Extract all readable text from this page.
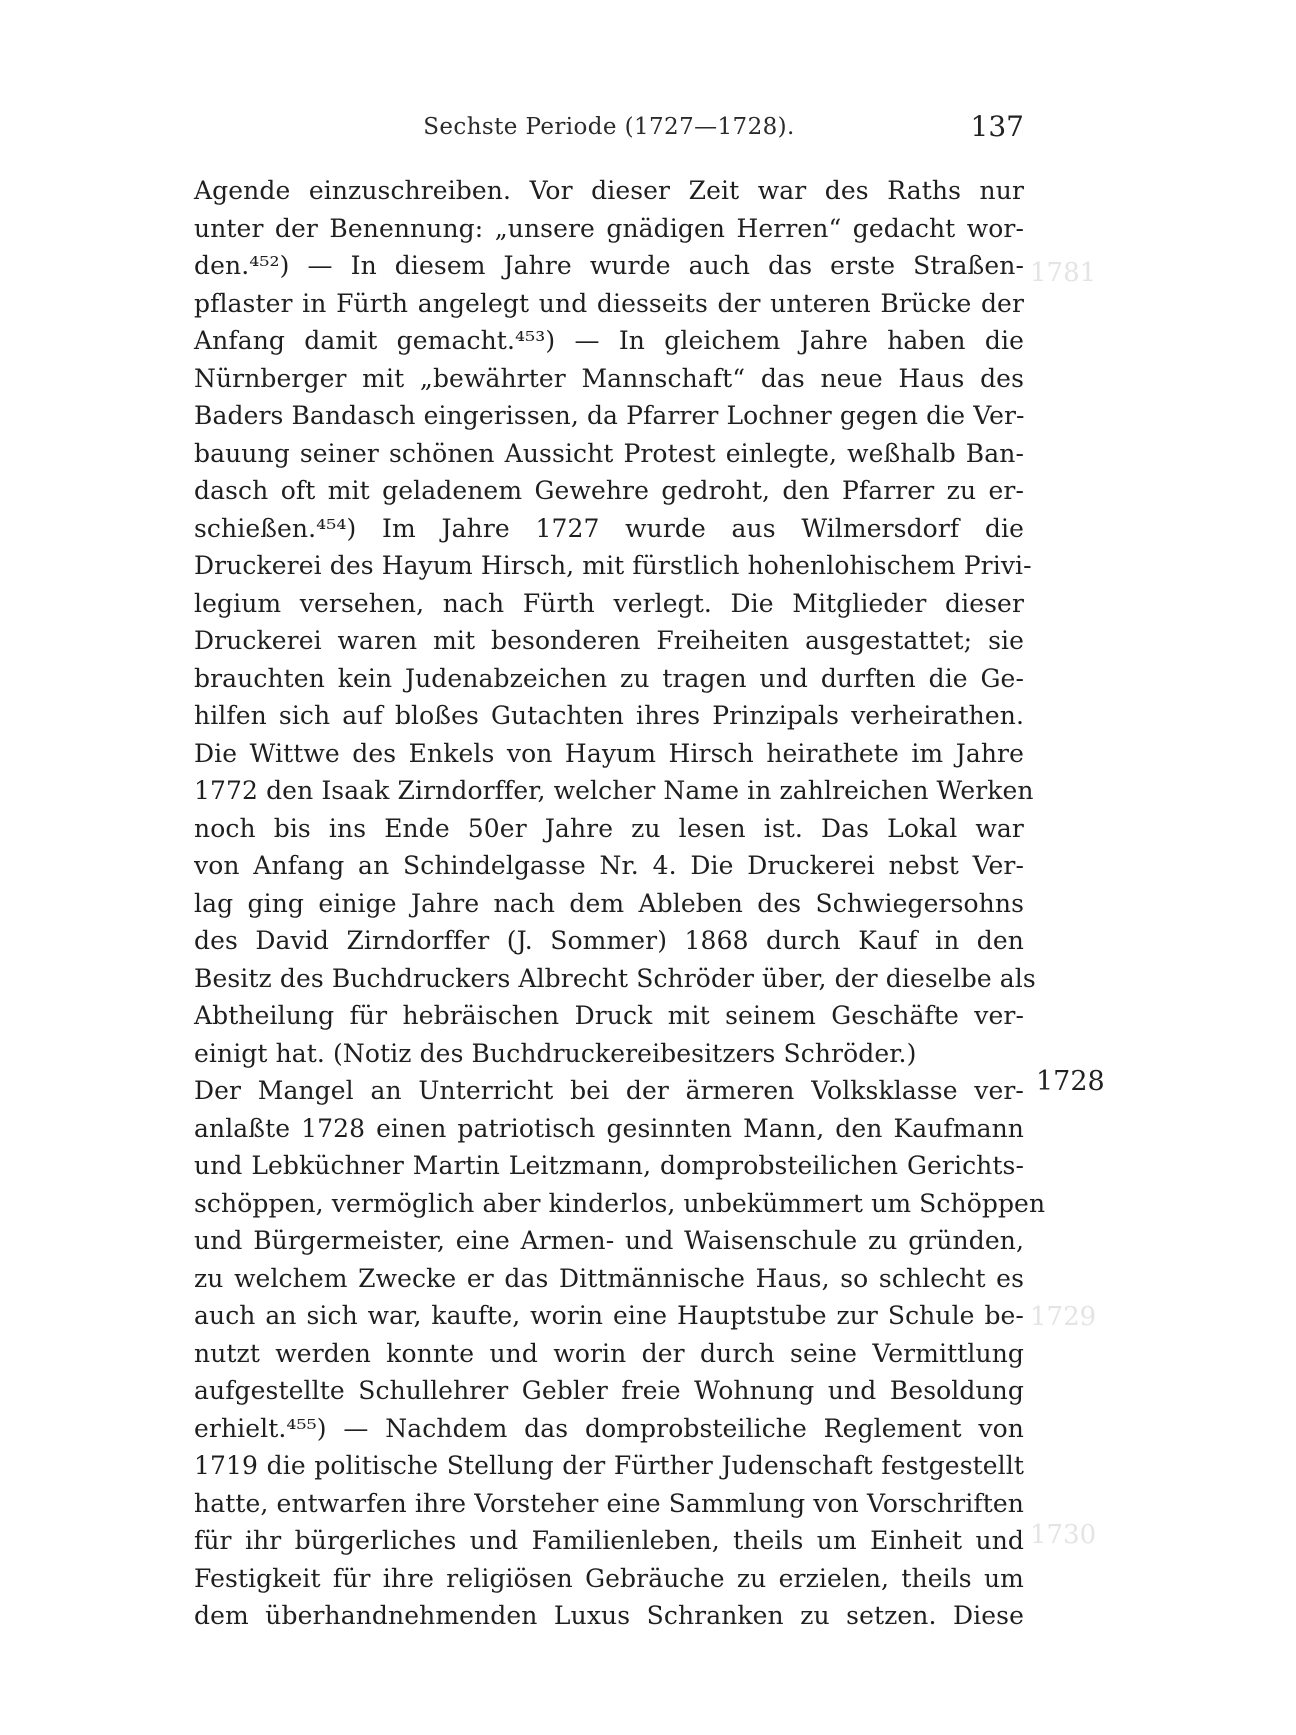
1781
1729
1730
Sechste Periode (1727—1728).	137
Agende einzuschreiben. Vor dieser Zeit war des Raths nur
unter der Benennung: „unsere gnädigen Herren“ gedacht wor-
den.⁴⁵²) — In diesem Jahre wurde auch das erste Straßen-
pflaster in Fürth angelegt und diesseits der unteren Brücke der
Anfang damit gemacht.⁴⁵³) — In gleichem Jahre haben die
Nürnberger mit „bewährter Mannschaft“ das neue Haus des
Baders Bandasch eingerissen, da Pfarrer Lochner gegen die Ver-
bauung seiner schönen Aussicht Protest einlegte, weßhalb Ban-
dasch oft mit geladenem Gewehre gedroht, den Pfarrer zu er-
schießen.⁴⁵⁴) Im Jahre 1727 wurde aus Wilmersdorf die
Druckerei des Hayum Hirsch, mit fürstlich hohenlohischem Privi-
legium versehen, nach Fürth verlegt. Die Mitglieder dieser
Druckerei waren mit besonderen Freiheiten ausgestattet; sie
brauchten kein Judenabzeichen zu tragen und durften die Ge-
hilfen sich auf bloßes Gutachten ihres Prinzipals verheirathen.
Die Wittwe des Enkels von Hayum Hirsch heirathete im Jahre
1772 den Isaak Zirndorffer, welcher Name in zahlreichen Werken
noch bis ins Ende 50er Jahre zu lesen ist. Das Lokal war
von Anfang an Schindelgasse Nr. 4. Die Druckerei nebst Ver-
lag ging einige Jahre nach dem Ableben des Schwiegersohns
des David Zirndorffer (J. Sommer) 1868 durch Kauf in den
Besitz des Buchdruckers Albrecht Schröder über, der dieselbe als
Abtheilung für hebräischen Druck mit seinem Geschäfte ver-
einigt hat. (Notiz des Buchdruckereibesitzers Schröder.)
Der Mangel an Unterricht bei der ärmeren Volksklasse ver-
anlaßte 1728 einen patriotisch gesinnten Mann, den Kaufmann
und Lebküchner Martin Leitzmann, domprobsteilichen Gerichts-
schöppen, vermöglich aber kinderlos, unbekümmert um Schöppen
und Bürgermeister, eine Armen- und Waisenschule zu gründen,
zu welchem Zwecke er das Dittmännische Haus, so schlecht es
auch an sich war, kaufte, worin eine Hauptstube zur Schule be-
nutzt werden konnte und worin der durch seine Vermittlung
aufgestellte Schullehrer Gebler freie Wohnung und Besoldung
erhielt.⁴⁵⁵) — Nachdem das domprobsteiliche Reglement von
1719 die politische Stellung der Fürther Judenschaft festgestellt
hatte, entwarfen ihre Vorsteher eine Sammlung von Vorschriften
für ihr bürgerliches und Familienleben, theils um Einheit und
Festigkeit für ihre religiösen Gebräuche zu erzielen, theils um
dem überhandnehmenden Luxus Schranken zu setzen. Diese
1728
